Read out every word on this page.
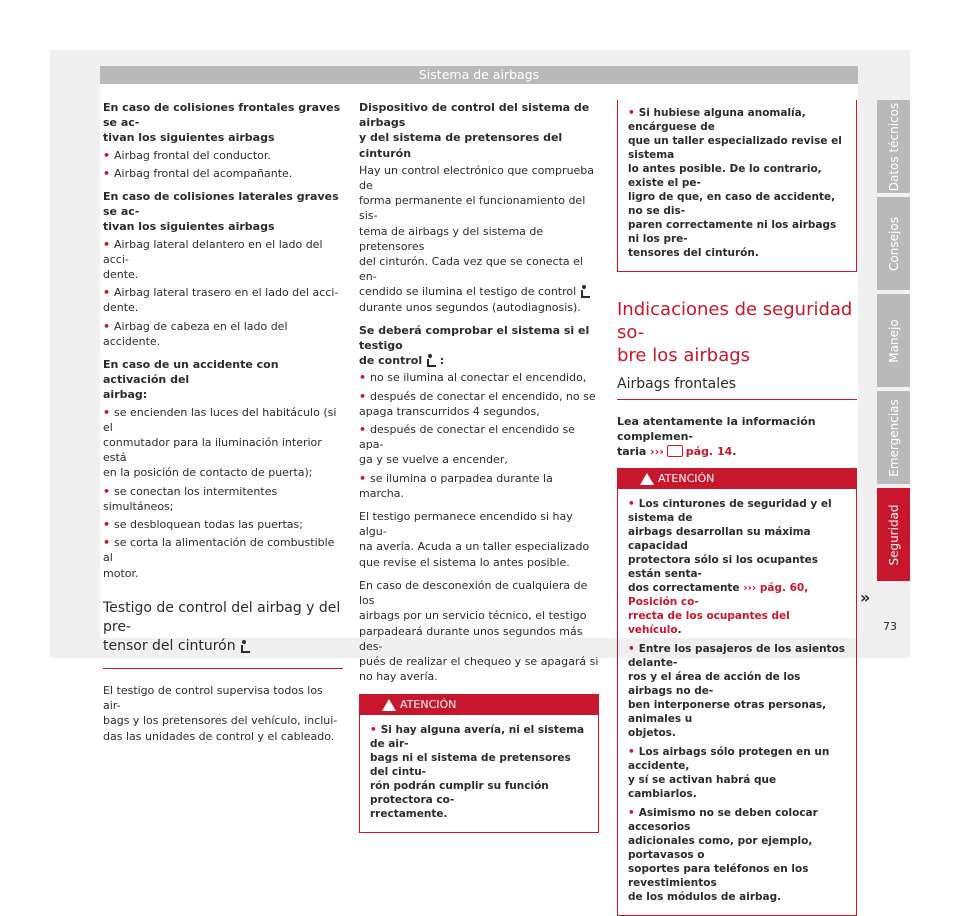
Sistema de airbags

En caso de colisiones frontales graves se ac-
tivan los siguientes airbags

• Airbag frontal del conductor.
• Airbag frontal del acompañante.

En caso de colisiones laterales graves se ac-
tivan los siguientes airbags

• Airbag lateral delantero en el lado del acci-
dente.
• Airbag lateral trasero en el lado del acci-
dente.
• Airbag de cabeza en el lado del accidente.

En caso de un accidente con activación del
airbag:

• se encienden las luces del habitáculo (si el
conmutador para la iluminación interior está
en la posición de contacto de puerta);
• se conectan los intermitentes simultáneos;
• se desbloquean todas las puertas;
• se corta la alimentación de combustible al
motor.
Testigo de control del airbag y del pre-
tensor del cinturón

El testigo de control supervisa todos los air-
bags y los pretensores del vehículo, inclui-
das las unidades de control y el cableado.

Dispositivo de control del sistema de airbags
y del sistema de pretensores del cinturón

Hay un control electrónico que comprueba de
forma permanente el funcionamiento del sis-
tema de airbags y del sistema de pretensores
del cinturón. Cada vez que se conecta el en-
cendido se ilumina el testigo de control
durante unos segundos (autodiagnosis).

Se deberá comprobar el sistema si el testigo
de control :

• no se ilumina al conectar el encendido,
• después de conectar el encendido, no se
apaga transcurridos 4 segundos,
• después de conectar el encendido se apa-
ga y se vuelve a encender,
• se ilumina o parpadea durante la marcha.

El testigo permanece encendido si hay algu-
na avería. Acuda a un taller especializado
que revise el sistema lo antes posible.

En caso de desconexión de cualquiera de los
airbags por un servicio técnico, el testigo
parpadeará durante unos segundos más des-
pués de realizar el chequeo y se apagará si
no hay avería.

ATENCIÓN
• Si hay alguna avería, ni el sistema de air-
bags ni el sistema de pretensores del cintu-
rón podrán cumplir su función protectora co-
rrectamente.
• Si hubiese alguna anomalía, encárguese de
que un taller especializado revise el sistema
lo antes posible. De lo contrario, existe el pe-
ligro de que, en caso de accidente, no se dis-
paren correctamente ni los airbags ni los pre-
tensores del cinturón.
Indicaciones de seguridad so-
bre los airbags
Airbags frontales

Lea atentamente la información complemen-
taria ››› pág. 14.

ATENCIÓN
• Los cinturones de seguridad y el sistema de
airbags desarrollan su máxima capacidad
protectora sólo si los ocupantes están senta-
dos correctamente ››› pág. 60, Posición co-
rrecta de los ocupantes del vehículo.
• Entre los pasajeros de los asientos delante-
ros y el área de acción de los airbags no de-
ben interponerse otras personas, animales u
objetos.
• Los airbags sólo protegen en un accidente,
y sí se activan habrá que cambiarlos.
• Asimismo no se deben colocar accesorios
adicionales como, por ejemplo, portavasos o
soportes para teléfonos en los revestimientos
de los módulos de airbag.
Datos técnicos
Consejos
Manejo
Emergencias
Seguridad
»
73
